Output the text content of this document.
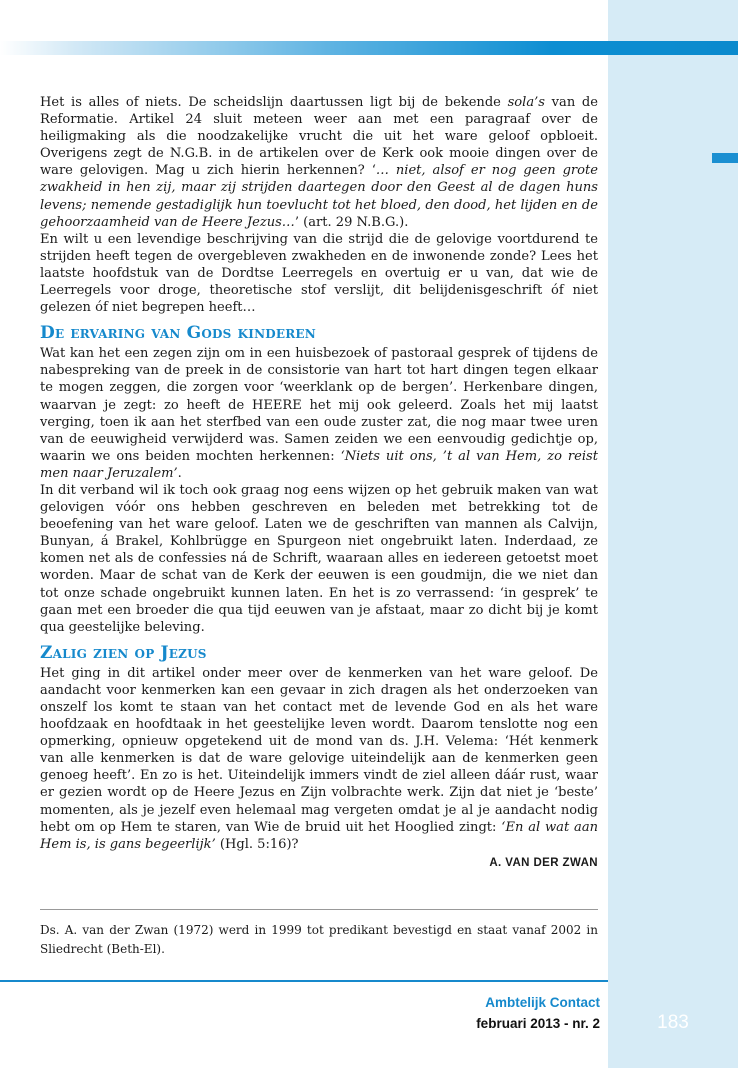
Het is alles of niets. De scheidslijn daartussen ligt bij de bekende sola’s van de Reformatie. Artikel 24 sluit meteen weer aan met een paragraaf over de heiligmaking als die noodzakelijke vrucht die uit het ware geloof opbloeit. Overigens zegt de N.G.B. in de artikelen over de Kerk ook mooie dingen over de ware gelovigen. Mag u zich hierin herkennen? ‘… niet, alsof er nog geen grote zwakheid in hen zij, maar zij strijden daartegen door den Geest al de dagen huns levens; nemende gestadiglijk hun toevlucht tot het bloed, den dood, het lijden en de gehoorzaamheid van de Heere Jezus…’ (art. 29 N.B.G.).

En wilt u een levendige beschrijving van die strijd die de gelovige voortdurend te strijden heeft tegen de overgebleven zwakheden en de inwonende zonde? Lees het laatste hoofdstuk van de Dordtse Leerregels en overtuig er u van, dat wie de Leerregels voor droge, theoretische stof verslijt, dit belijdenisgeschrift óf niet gelezen óf niet begrepen heeft…

De ervaring van Gods kinderen

Wat kan het een zegen zijn om in een huisbezoek of pastoraal gesprek of tijdens de nabespreking van de preek in de consistorie van hart tot hart dingen tegen elkaar te mogen zeggen, die zorgen voor ‘weerklank op de bergen’. Herkenbare dingen, waarvan je zegt: zo heeft de HEERE het mij ook geleerd. Zoals het mij laatst verging, toen ik aan het sterfbed van een oude zuster zat, die nog maar twee uren van de eeuwigheid verwijderd was. Samen zeiden we een eenvoudig gedichtje op, waarin we ons beiden mochten herkennen: ‘Niets uit ons, ’t al van Hem, zo reist men naar Jeruzalem’.

In dit verband wil ik toch ook graag nog eens wijzen op het gebruik maken van wat gelovigen vóór ons hebben geschreven en beleden met betrekking tot de beoefening van het ware geloof. Laten we de geschriften van mannen als Calvijn, Bunyan, á Brakel, Kohlbrügge en Spurgeon niet ongebruikt laten. Inderdaad, ze komen net als de confessies ná de Schrift, waaraan alles en iedereen getoetst moet worden. Maar de schat van de Kerk der eeuwen is een goudmijn, die we niet dan tot onze schade ongebruikt kunnen laten. En het is zo verrassend: ‘in gesprek’ te gaan met een broeder die qua tijd eeuwen van je afstaat, maar zo dicht bij je komt qua geestelijke beleving.

Zalig zien op Jezus

Het ging in dit artikel onder meer over de kenmerken van het ware geloof. De aandacht voor kenmerken kan een gevaar in zich dragen als het onderzoeken van onszelf los komt te staan van het contact met de levende God en als het ware hoofdzaak en hoofdtaak in het geestelijke leven wordt. Daarom tenslotte nog een opmerking, opnieuw opgetekend uit de mond van ds. J.H. Velema: ‘Hét kenmerk van alle kenmerken is dat de ware gelovige uiteindelijk aan de kenmerken geen genoeg heeft’. En zo is het. Uiteindelijk immers vindt de ziel alleen dáár rust, waar er gezien wordt op de Heere Jezus en Zijn volbrachte werk. Zijn dat niet je ‘beste’ momenten, als je jezelf even helemaal mag vergeten omdat je al je aandacht nodig hebt om op Hem te staren, van Wie de bruid uit het Hooglied zingt: ‘En al wat aan Hem is, is gans begeerlijk’ (Hgl. 5:16)?

A. VAN DER ZWAN

Ds. A. van der Zwan (1972) werd in 1999 tot predikant bevestigd en staat vanaf 2002 in Sliedrecht (Beth-El).

Ambtelijk Contact
februari 2013 - nr. 2	183
